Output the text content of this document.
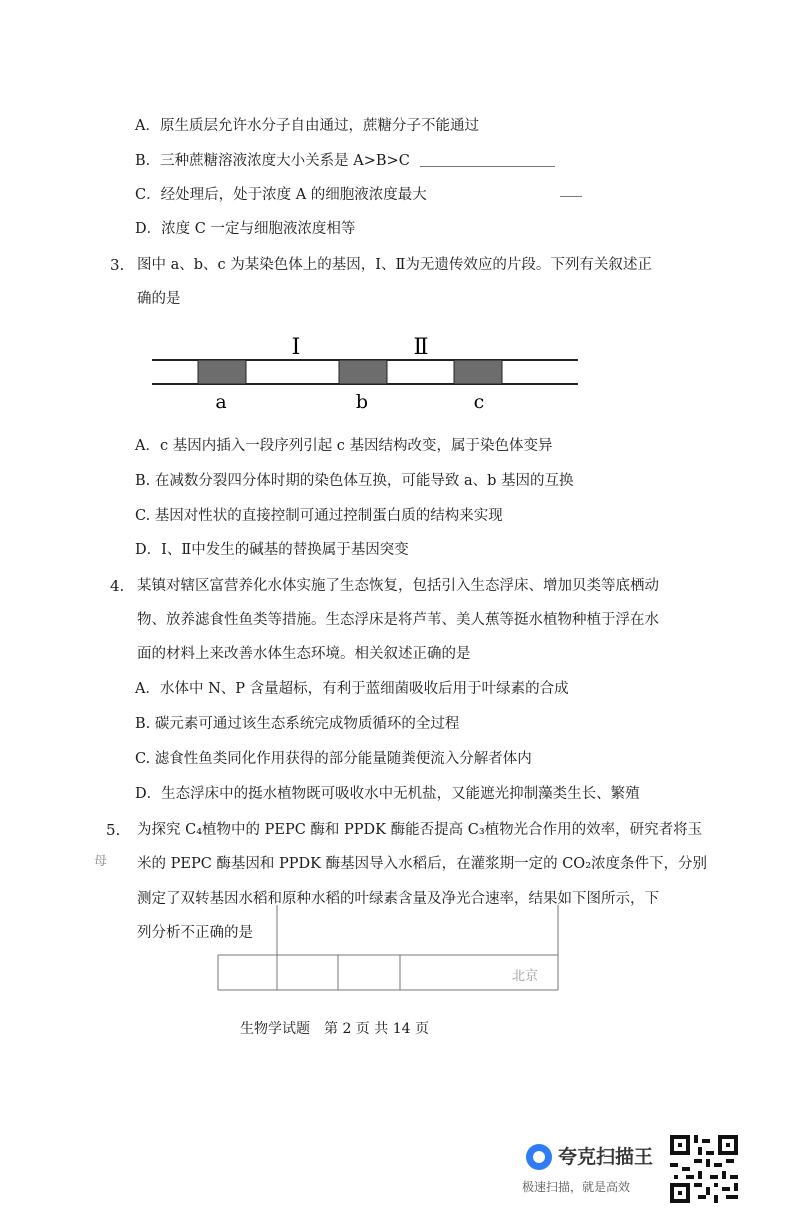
A．原生质层允许水分子自由通过，蔗糖分子不能通过
B．三种蔗糖溶液浓度大小关系是 A>B>C
C．经处理后，处于浓度 A 的细胞液浓度最大
D．浓度 C 一定与细胞液浓度相等
3. 图中 a、b、c 为某染色体上的基因，Ⅰ、Ⅱ为无遗传效应的片段。下列有关叙述正
确的是
Ⅰ	Ⅱ
a	b	c
A．c 基因内插入一段序列引起 c 基因结构改变，属于染色体变异
B. 在减数分裂四分体时期的染色体互换，可能导致 a、b 基因的互换
C. 基因对性状的直接控制可通过控制蛋白质的结构来实现
D．Ⅰ、Ⅱ中发生的碱基的替换属于基因突变
4. 某镇对辖区富营养化水体实施了生态恢复，包括引入生态浮床、增加贝类等底栖动
物、放养滤食性鱼类等措施。生态浮床是将芦苇、美人蕉等挺水植物种植于浮在水
面的材料上来改善水体生态环境。相关叙述正确的是
A．水体中 N、P 含量超标，有利于蓝细菌吸收后用于叶绿素的合成
B. 碳元素可通过该生态系统完成物质循环的全过程
C. 滤食性鱼类同化作用获得的部分能量随粪便流入分解者体内
D．生态浮床中的挺水植物既可吸收水中无机盐，又能遮光抑制藻类生长、繁殖
5.
母
为探究 C₄植物中的 PEPC 酶和 PPDK 酶能否提高 C₃植物光合作用的效率，研究者将玉
米的 PEPC 酶基因和 PPDK 酶基因导入水稻后，在灌浆期一定的 CO₂浓度条件下，分别
测定了双转基因水稻和原种水稻的叶绿素含量及净光合速率，结果如下图所示，下
列分析不正确的是
北京
生物学试题　第 2 页 共 14 页
夸克扫描王
极速扫描，就是高效
